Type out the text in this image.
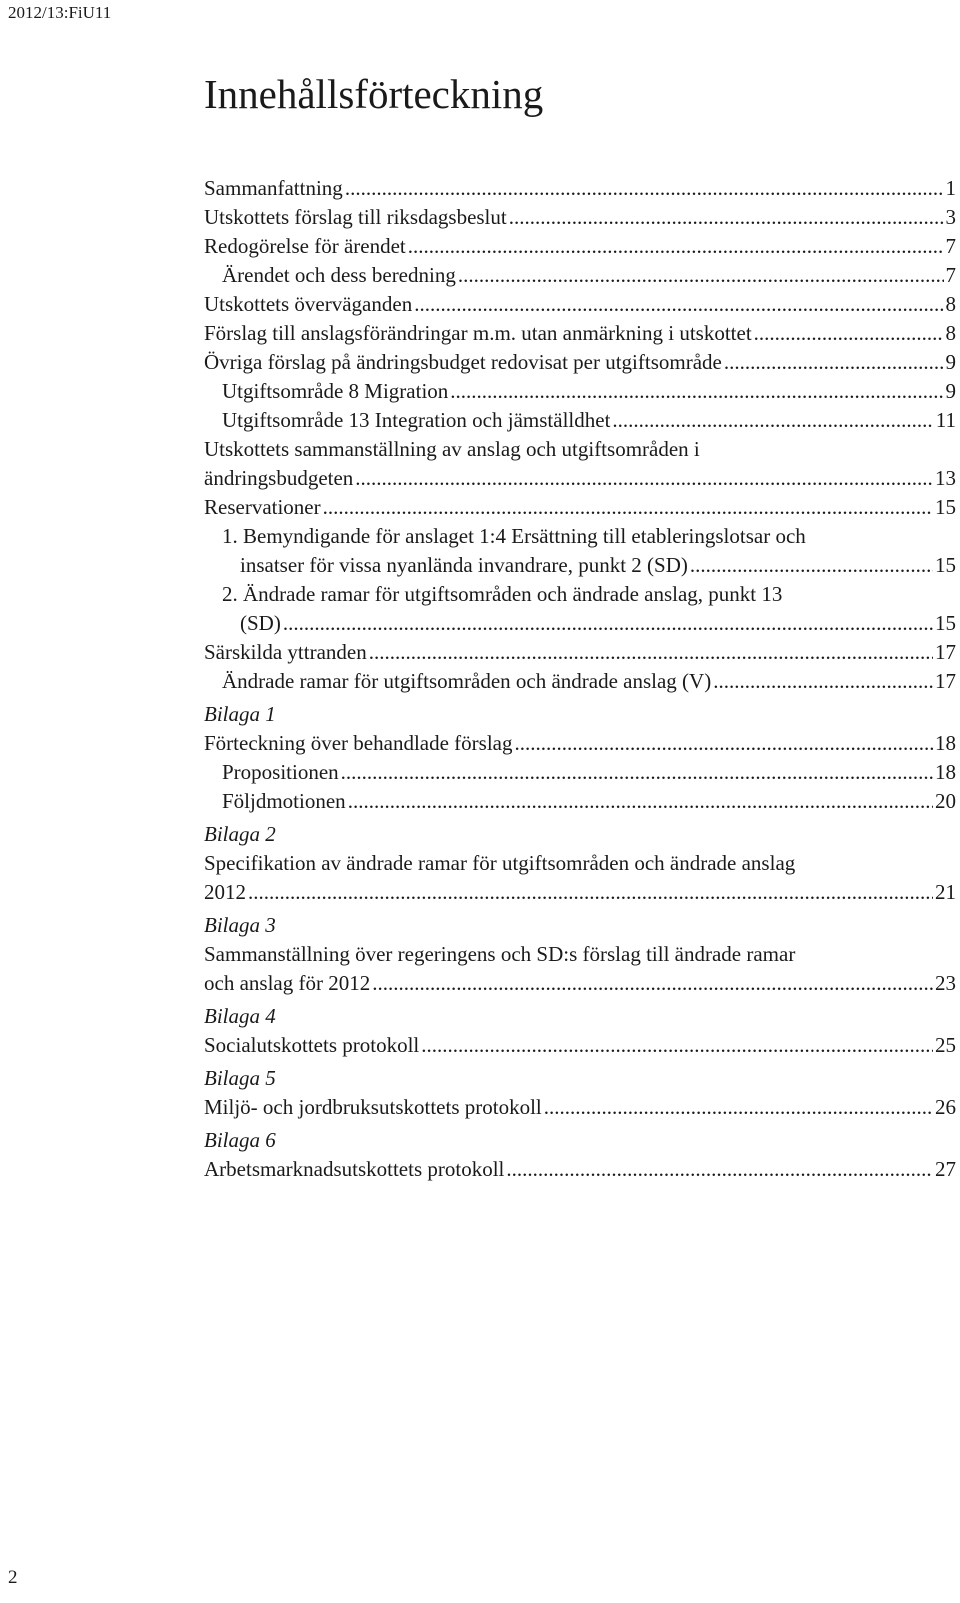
2012/13:FiU11
Innehållsförteckning
Sammanfattning .....	1
Utskottets förslag till riksdagsbeslut .....	3
Redogörelse för ärendet .....	7
Ärendet och dess beredning .....	7
Utskottets överväganden .....	8
Förslag till anslagsförändringar m.m. utan anmärkning i utskottet .....	8
Övriga förslag på ändringsbudget redovisat per utgiftsområde .....	9
Utgiftsområde 8 Migration .....	9
Utgiftsområde 13 Integration och jämställdhet .....	11
Utskottets sammanställning av anslag och utgiftsområden i
ändringsbudgeten .....	13
Reservationer .....	15
1. Bemyndigande för anslaget 1:4 Ersättning till etableringslotsar och
insatser för vissa nyanlända invandrare, punkt 2 (SD) .....	15
2. Ändrade ramar för utgiftsområden och ändrade anslag, punkt 13
(SD) .....	15
Särskilda yttranden .....	17
Ändrade ramar för utgiftsområden och ändrade anslag (V) .....	17
Bilaga 1
Förteckning över behandlade förslag .....	18
Propositionen .....	18
Följdmotionen .....	20
Bilaga 2
Specifikation av ändrade ramar för utgiftsområden och ändrade anslag
2012 .....	21
Bilaga 3
Sammanställning över regeringens och SD:s förslag till ändrade ramar
och anslag för 2012 .....	23
Bilaga 4
Socialutskottets protokoll .....	25
Bilaga 5
Miljö- och jordbruksutskottets protokoll .....	26
Bilaga 6
Arbetsmarknadsutskottets protokoll .....	27
2
